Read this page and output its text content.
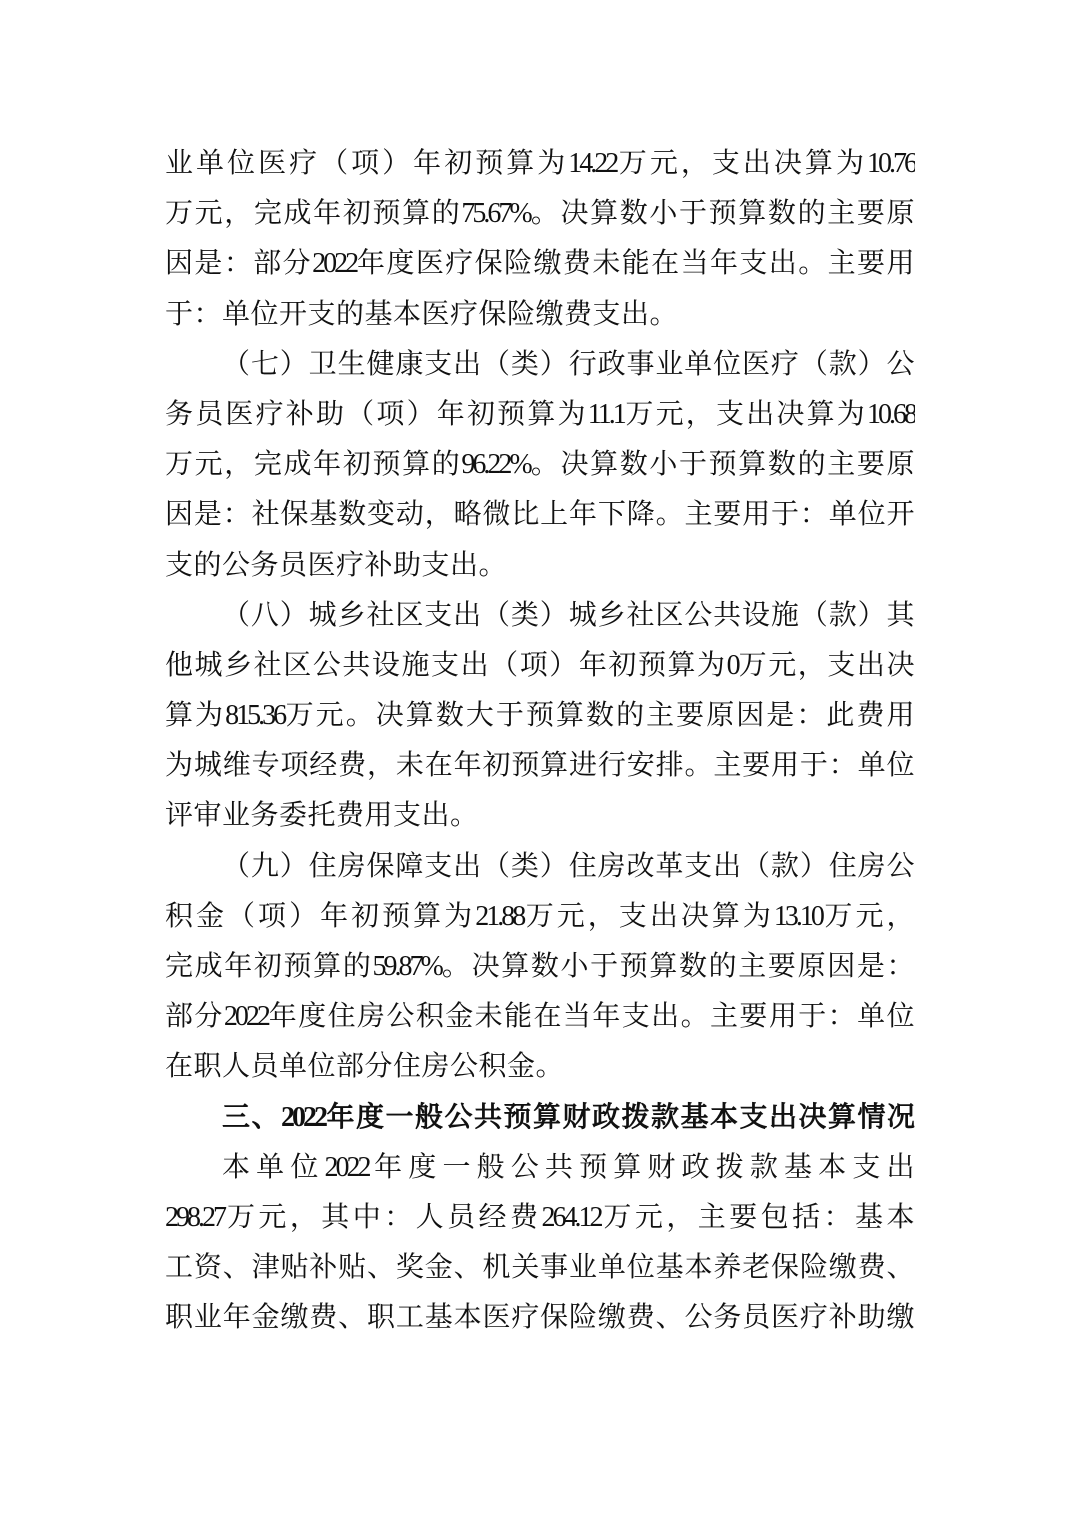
业单位医疗（项）年初预算为14.22万元，支出决算为10.76
万元，完成年初预算的75.67%。决算数小于预算数的主要原
因是：部分2022年度医疗保险缴费未能在当年支出。主要用
于：单位开支的基本医疗保险缴费支出。
（七）卫生健康支出（类）行政事业单位医疗（款）公
务员医疗补助（项）年初预算为11.1万元，支出决算为10.68
万元，完成年初预算的96.22%。决算数小于预算数的主要原
因是：社保基数变动，略微比上年下降。主要用于：单位开
支的公务员医疗补助支出。
（八）城乡社区支出（类）城乡社区公共设施（款）其
他城乡社区公共设施支出（项）年初预算为0万元，支出决
算为815.36万元。决算数大于预算数的主要原因是：此费用
为城维专项经费，未在年初预算进行安排。主要用于：单位
评审业务委托费用支出。
（九）住房保障支出（类）住房改革支出（款）住房公
积金（项）年初预算为21.88万元，支出决算为13.10万元，
完成年初预算的59.87%。决算数小于预算数的主要原因是：
部分2022年度住房公积金未能在当年支出。主要用于：单位
在职人员单位部分住房公积金。
三、2022年度一般公共预算财政拨款基本支出决算情况
本单位2022年度一般公共预算财政拨款基本支出
298.27万元，其中：人员经费264.12万元，主要包括：基本
工资、津贴补贴、奖金、机关事业单位基本养老保险缴费、
职业年金缴费、职工基本医疗保险缴费、公务员医疗补助缴
